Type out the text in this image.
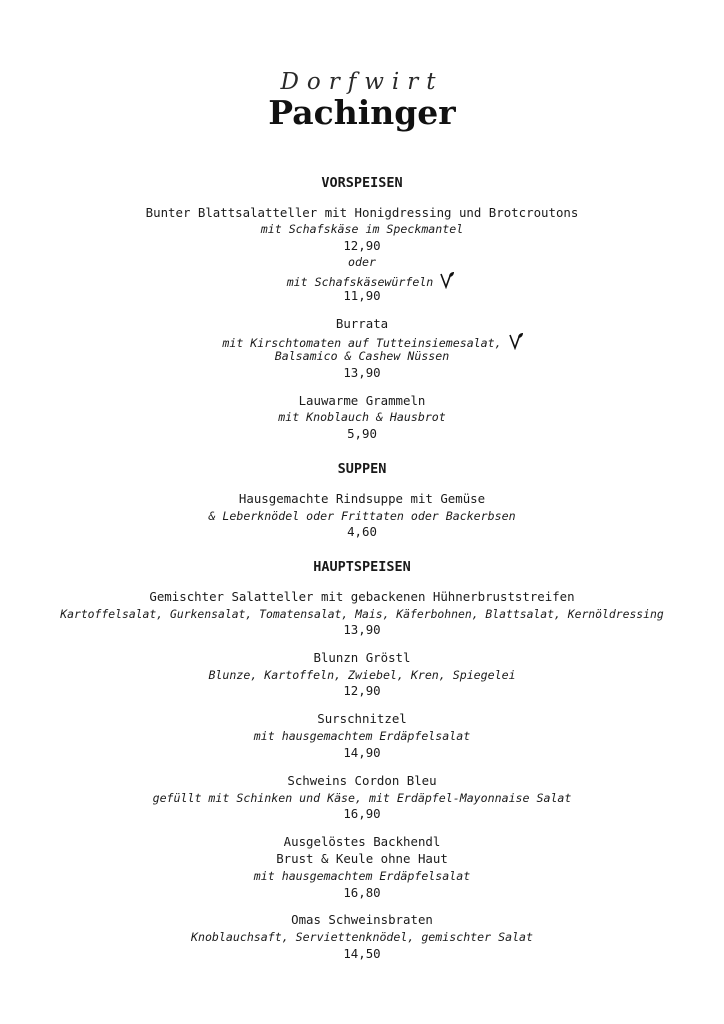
Dorfwirt
Pachinger
VORSPEISEN
Bunter Blattsalatteller mit Honigdressing und Brotcroutons
mit Schafskäse im Speckmantel
12,90
oder
mit Schafskäsewürfeln
11,90
Burrata
mit Kirschtomaten auf Tutteinsiemesalat,
Balsamico & Cashew Nüssen
13,90
Lauwarme Grammeln
mit Knoblauch & Hausbrot
5,90
SUPPEN
Hausgemachte Rindsuppe mit Gemüse
& Leberknödel oder Frittaten oder Backerbsen
4,60
HAUPTSPEISEN
Gemischter Salatteller mit gebackenen Hühnerbruststreifen
Kartoffelsalat, Gurkensalat, Tomatensalat, Mais, Käferbohnen, Blattsalat, Kernöldressing
13,90
Blunzn Gröstl
Blunze, Kartoffeln, Zwiebel, Kren, Spiegelei
12,90
Surschnitzel
mit hausgemachtem Erdäpfelsalat
14,90
Schweins Cordon Bleu
gefüllt mit Schinken und Käse, mit Erdäpfel-Mayonnaise Salat
16,90
Ausgelöstes Backhendl
Brust & Keule ohne Haut
mit hausgemachtem Erdäpfelsalat
16,80
Omas Schweinsbraten
Knoblauchsaft, Serviettenknödel, gemischter Salat
14,50
